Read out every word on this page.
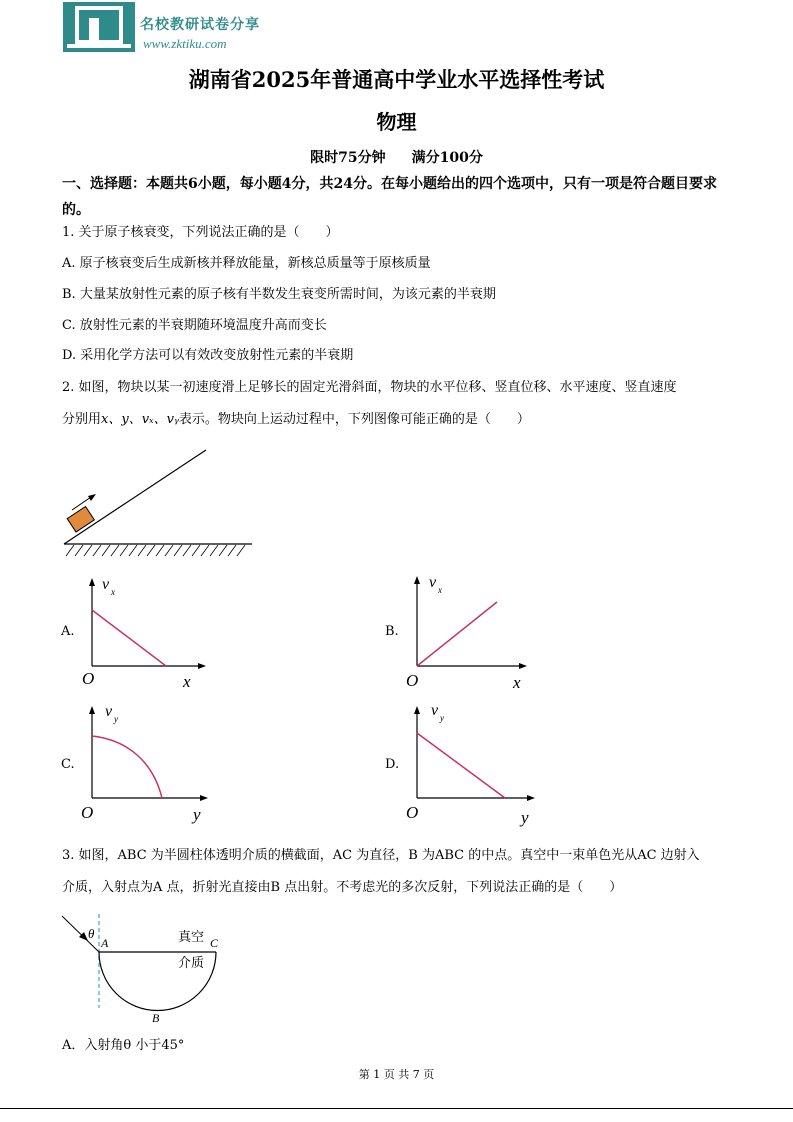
名校教研试卷分享
www.zktiku.com
湖南省2025年普通高中学业水平选择性考试
物理
限时75分钟 满分100分
一、选择题：本题共6小题，每小题4分，共24分。在每小题给出的四个选项中，只有一项是符合题目要求的。
1. 关于原子核衰变，下列说法正确的是（　　）
A. 原子核衰变后生成新核并释放能量，新核总质量等于原核质量
B. 大量某放射性元素的原子核有半数发生衰变所需时间，为该元素的半衰期
C. 放射性元素的半衰期随环境温度升高而变长
D. 采用化学方法可以有效改变放射性元素的半衰期
2. 如图，物块以某一初速度滑上足够长的固定光滑斜面，物块的水平位移、竖直位移、水平速度、竖直速度
分别用x、y、vₓ、vᵧ表示。物块向上运动过程中，下列图像可能正确的是（　　）
A.
v x
O	x
B.
v x
O	x
C.
v y
O	y
D.
v y
O	y
3. 如图，ABC 为半圆柱体透明介质的横截面，AC 为直径，B 为ABC 的中点。真空中一束单色光从AC 边射入
介质，入射点为A 点，折射光直接由B 点出射。不考虑光的多次反射，下列说法正确的是（　　）
θ
A	C
B
真空
介质
A．入射角θ 小于45°
第 1 页 共 7 页
